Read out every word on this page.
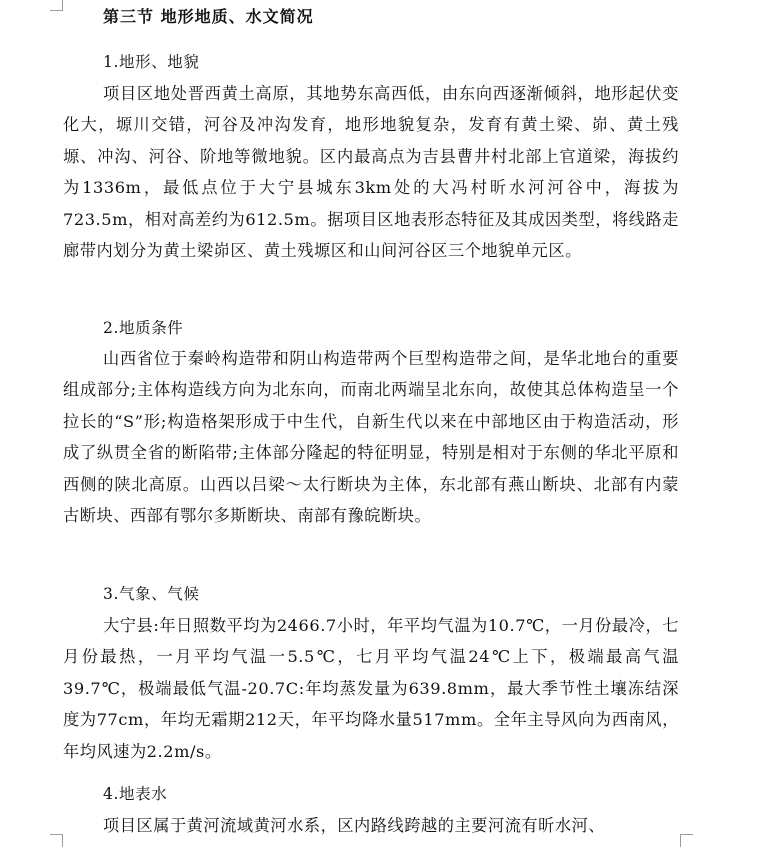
第三节 地形地质、水文简况
1.地形、地貌

项目区地处晋西黄土高原，其地势东高西低，由东向西逐渐倾斜，地形起伏变化大，塬川交错，河谷及冲沟发育，地形地貌复杂，发育有黄土梁、峁、黄土残塬、冲沟、河谷、阶地等微地貌。区内最高点为吉县曹井村北部上官道梁，海拔约为1336m，最低点位于大宁县城东3km处的大冯村昕水河河谷中，海拔为723.5m，相对高差约为612.5m。据项目区地表形态特征及其成因类型，将线路走廊带内划分为黄土梁峁区、黄土残塬区和山间河谷区三个地貌单元区。

2.地质条件

山西省位于秦岭构造带和阴山构造带两个巨型构造带之间，是华北地台的重要组成部分;主体构造线方向为北东向，而南北两端呈北东向，故使其总体构造呈一个拉长的“S”形;构造格架形成于中生代，自新生代以来在中部地区由于构造活动，形成了纵贯全省的断陷带;主体部分隆起的特征明显，特别是相对于东侧的华北平原和西侧的陕北高原。山西以吕梁～太行断块为主体，东北部有燕山断块、北部有内蒙古断块、西部有鄂尔多斯断块、南部有豫皖断块。

3.气象、气候

大宁县:年日照数平均为2466.7小时，年平均气温为10.7℃，一月份最冷，七月份最热，一月平均气温一5.5℃，七月平均气温24℃上下，极端最高气温39.7℃，极端最低气温-20.7C:年均蒸发量为639.8mm，最大季节性土壤冻结深度为77cm，年均无霜期212天，年平均降水量517mm。全年主导风向为西南风，年均风速为2.2m/s。

4.地表水

项目区属于黄河流域黄河水系，区内路线跨越的主要河流有昕水河、
